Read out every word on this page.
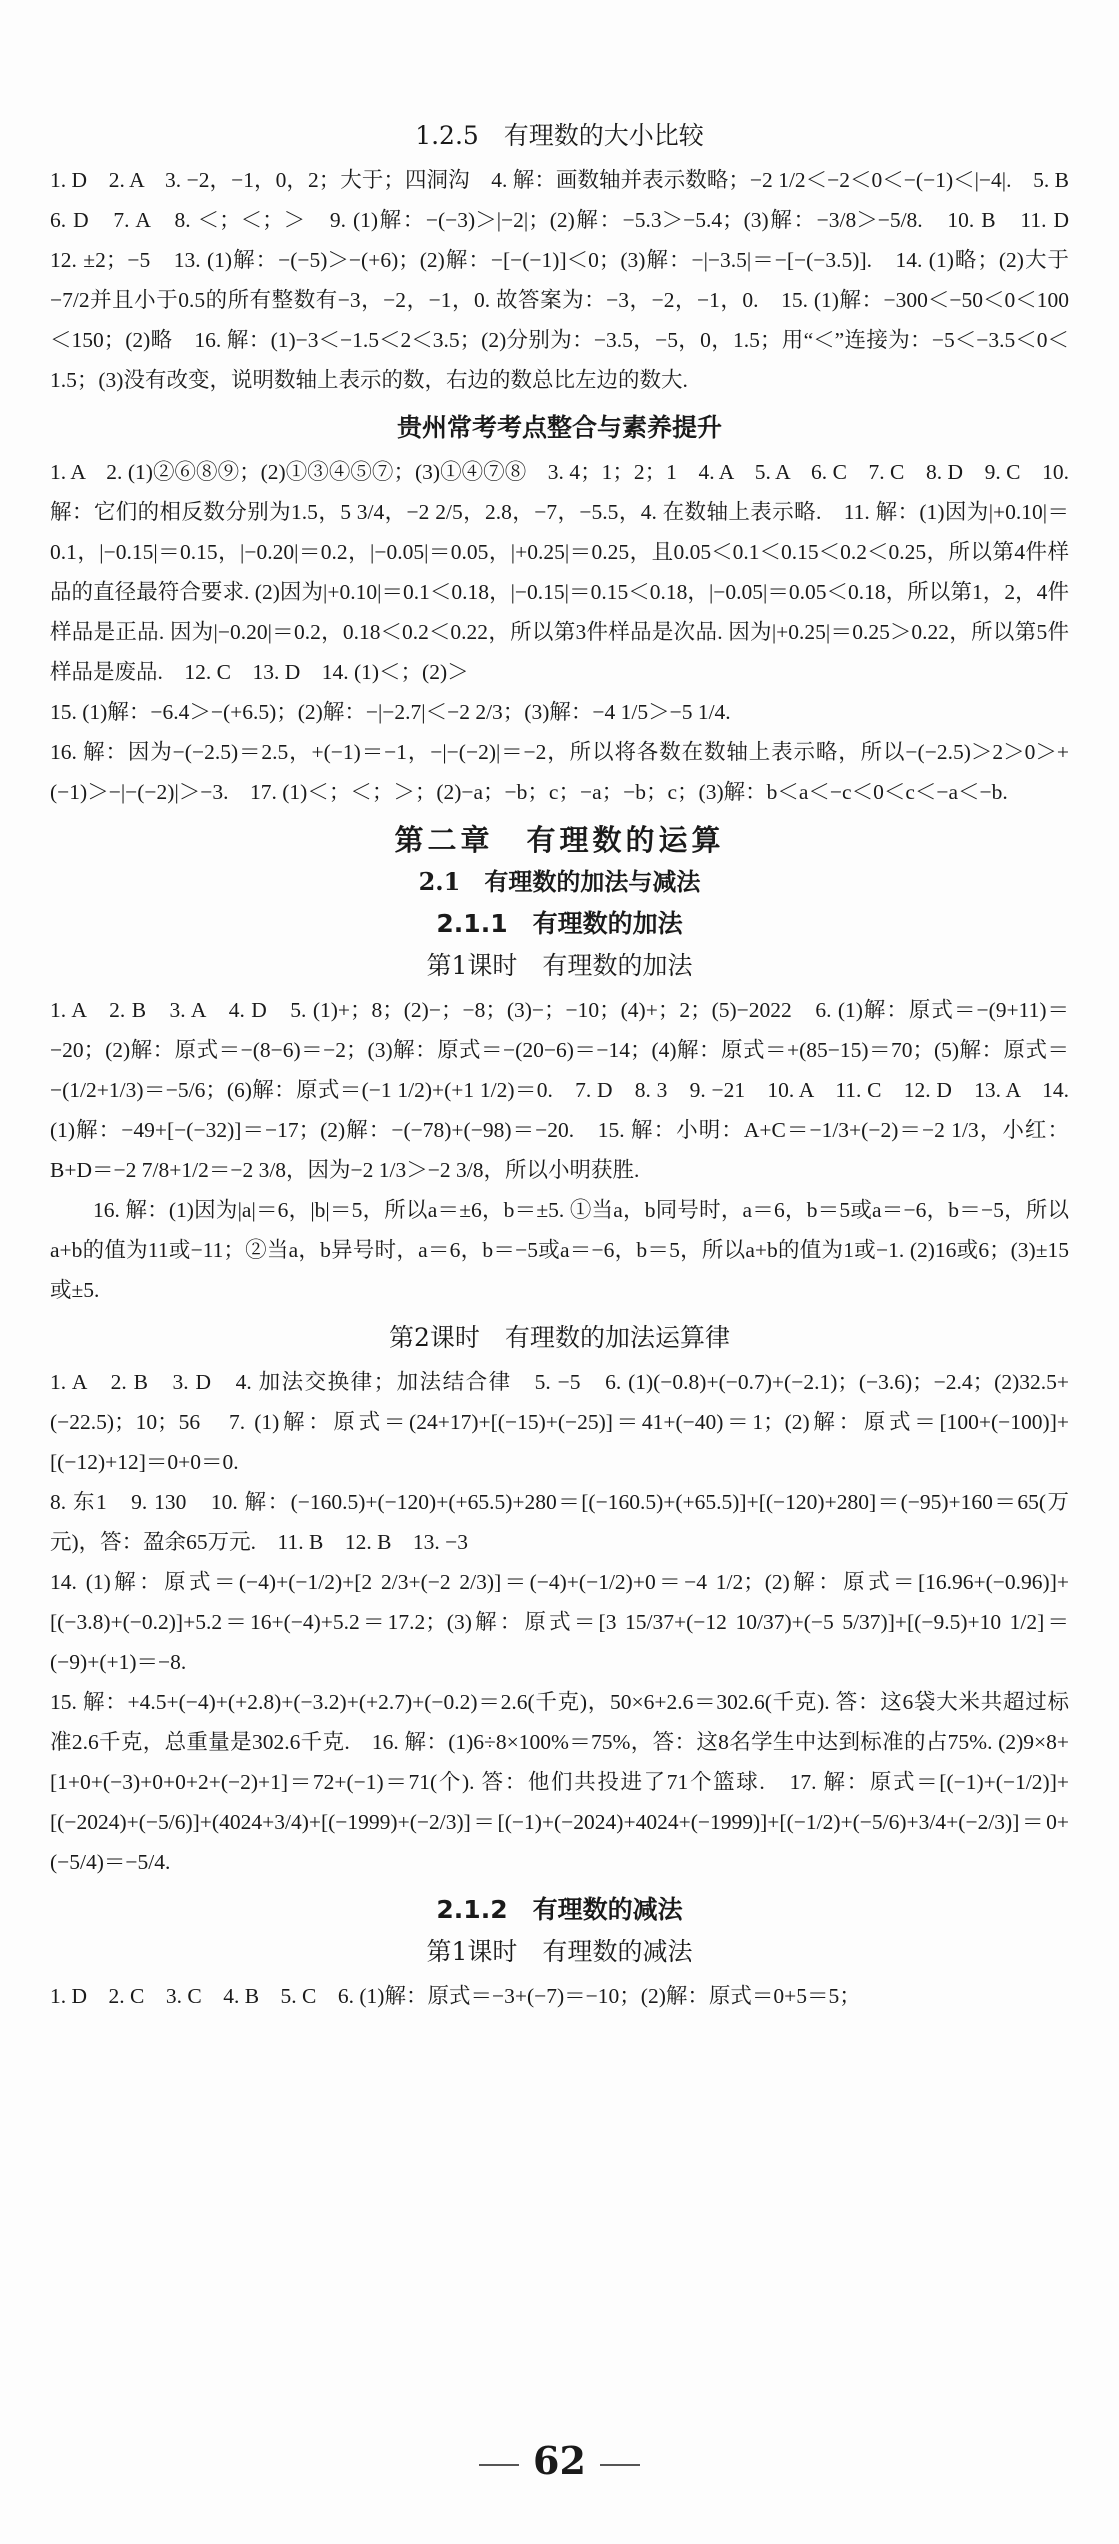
1.2.5　有理数的大小比较

1. D　2. A　3. −2，−1，0，2；大于；四洞沟　4. 解：画数轴并表示数略；−2 1/2＜−2＜0＜−(−1)＜|−4|.　5. B　6. D　7. A　8. ＜；＜；＞　9. (1)解：−(−3)＞|−2|；(2)解：−5.3＞−5.4；(3)解：−3/8＞−5/8.　10. B　11. D　12. ±2；−5　13. (1)解：−(−5)＞−(+6)；(2)解：−[−(−1)]＜0；(3)解：−|−3.5|＝−[−(−3.5)].　14. (1)略；(2)大于−7/2并且小于0.5的所有整数有−3，−2，−1，0. 故答案为：−3，−2，−1，0.　15. (1)解：−300＜−50＜0＜100＜150；(2)略　16. 解：(1)−3＜−1.5＜2＜3.5；(2)分别为：−3.5，−5，0，1.5；用“＜”连接为：−5＜−3.5＜0＜1.5；(3)没有改变，说明数轴上表示的数，右边的数总比左边的数大.

贵州常考考点整合与素养提升

1. A　2. (1)②⑥⑧⑨；(2)①③④⑤⑦；(3)①④⑦⑧　3. 4；1；2；1　4. A　5. A　6. C　7. C　8. D　9. C　10. 解：它们的相反数分别为1.5，5 3/4，−2 2/5，2.8，−7，−5.5，4. 在数轴上表示略.　11. 解：(1)因为|+0.10|＝0.1，|−0.15|＝0.15，|−0.20|＝0.2，|−0.05|＝0.05，|+0.25|＝0.25，且0.05＜0.1＜0.15＜0.2＜0.25，所以第4件样品的直径最符合要求. (2)因为|+0.10|＝0.1＜0.18，|−0.15|＝0.15＜0.18，|−0.05|＝0.05＜0.18，所以第1，2，4件样品是正品. 因为|−0.20|＝0.2，0.18＜0.2＜0.22，所以第3件样品是次品. 因为|+0.25|＝0.25＞0.22，所以第5件样品是废品.　12. C　13. D　14. (1)＜；(2)＞

15. (1)解：−6.4＞−(+6.5)；(2)解：−|−2.7|＜−2 2/3；(3)解：−4 1/5＞−5 1/4.

16. 解：因为−(−2.5)＝2.5，+(−1)＝−1，−|−(−2)|＝−2，所以将各数在数轴上表示略，所以−(−2.5)＞2＞0＞+(−1)＞−|−(−2)|＞−3.　17. (1)＜；＜；＞；(2)−a；−b；c；−a；−b；c；(3)解：b＜a＜−c＜0＜c＜−a＜−b.

第二章　有理数的运算
2.1　有理数的加法与减法
2.1.1　有理数的加法
第1课时　有理数的加法

1. A　2. B　3. A　4. D　5. (1)+；8；(2)−；−8；(3)−；−10；(4)+；2；(5)−2022　6. (1)解：原式＝−(9+11)＝−20；(2)解：原式＝−(8−6)＝−2；(3)解：原式＝−(20−6)＝−14；(4)解：原式＝+(85−15)＝70；(5)解：原式＝−(1/2+1/3)＝−5/6；(6)解：原式＝(−1 1/2)+(+1 1/2)＝0.　7. D　8. 3　9. −21　10. A　11. C　12. D　13. A　14. (1)解：−49+[−(−32)]＝−17；(2)解：−(−78)+(−98)＝−20.　15. 解：小明：A+C＝−1/3+(−2)＝−2 1/3，小红：B+D＝−2 7/8+1/2＝−2 3/8，因为−2 1/3＞−2 3/8，所以小明获胜.

16. 解：(1)因为|a|＝6，|b|＝5，所以a＝±6，b＝±5. ①当a，b同号时，a＝6，b＝5或a＝−6，b＝−5，所以a+b的值为11或−11；②当a，b异号时，a＝6，b＝−5或a＝−6，b＝5，所以a+b的值为1或−1. (2)16或6；(3)±15或±5.

第2课时　有理数的加法运算律

1. A　2. B　3. D　4. 加法交换律；加法结合律　5. −5　6. (1)(−0.8)+(−0.7)+(−2.1)；(−3.6)；−2.4；(2)32.5+(−22.5)；10；56　7. (1)解：原式＝(24+17)+[(−15)+(−25)]＝41+(−40)＝1；(2)解：原式＝[100+(−100)]+[(−12)+12]＝0+0＝0.

8. 东1　9. 130　10. 解：(−160.5)+(−120)+(+65.5)+280＝[(−160.5)+(+65.5)]+[(−120)+280]＝(−95)+160＝65(万元)，答：盈余65万元.　11. B　12. B　13. −3

14. (1)解：原式＝(−4)+(−1/2)+[2 2/3+(−2 2/3)]＝(−4)+(−1/2)+0＝−4 1/2；(2)解：原式＝[16.96+(−0.96)]+[(−3.8)+(−0.2)]+5.2＝16+(−4)+5.2＝17.2；(3)解：原式＝[3 15/37+(−12 10/37)+(−5 5/37)]+[(−9.5)+10 1/2]＝(−9)+(+1)＝−8.

15. 解：+4.5+(−4)+(+2.8)+(−3.2)+(+2.7)+(−0.2)＝2.6(千克)，50×6+2.6＝302.6(千克). 答：这6袋大米共超过标准2.6千克，总重量是302.6千克.　16. 解：(1)6÷8×100%＝75%，答：这8名学生中达到标准的占75%. (2)9×8+[1+0+(−3)+0+0+2+(−2)+1]＝72+(−1)＝71(个). 答：他们共投进了71个篮球.　17. 解：原式＝[(−1)+(−1/2)]+[(−2024)+(−5/6)]+(4024+3/4)+[(−1999)+(−2/3)]＝[(−1)+(−2024)+4024+(−1999)]+[(−1/2)+(−5/6)+3/4+(−2/3)]＝0+(−5/4)＝−5/4.

2.1.2　有理数的减法
第1课时　有理数的减法

1. D　2. C　3. C　4. B　5. C　6. (1)解：原式＝−3+(−7)＝−10；(2)解：原式＝0+5＝5；

62
